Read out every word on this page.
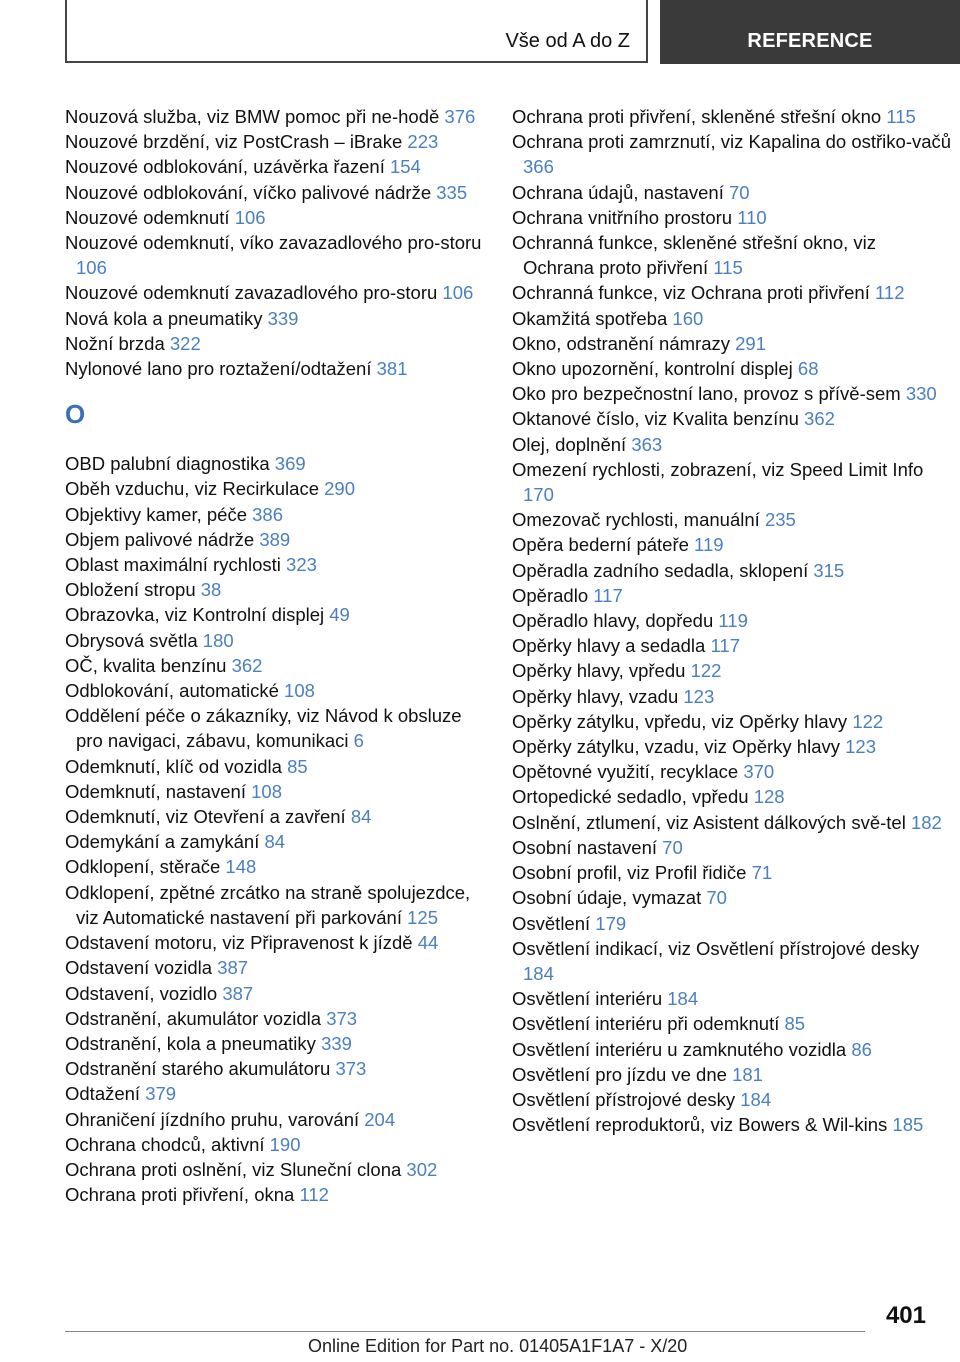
Vše od A do Z	REFERENCE

Nouzová služba, viz BMW pomoc při ne-hodě 376

Nouzové brzdění, viz PostCrash – iBrake 223

Nouzové odblokování, uzávěrka řazení 154

Nouzové odblokování, víčko palivové nádrže 335

Nouzové odemknutí 106

Nouzové odemknutí, víko zavazadlového pro-storu 106

Nouzové odemknutí zavazadlového pro-storu 106

Nová kola a pneumatiky 339

Nožní brzda 322

Nylonové lano pro roztažení/odtažení 381

O

OBD palubní diagnostika 369

Oběh vzduchu, viz Recirkulace 290

Objektivy kamer, péče 386

Objem palivové nádrže 389

Oblast maximální rychlosti 323

Obložení stropu 38

Obrazovka, viz Kontrolní displej 49

Obrysová světla 180

OČ, kvalita benzínu 362

Odblokování, automatické 108

Oddělení péče o zákazníky, viz Návod k obsluze pro navigaci, zábavu, komunikaci 6

Odemknutí, klíč od vozidla 85

Odemknutí, nastavení 108

Odemknutí, viz Otevření a zavření 84

Odemykání a zamykání 84

Odklopení, stěrače 148

Odklopení, zpětné zrcátko na straně spolujezdce, viz Automatické nastavení při parkování 125

Odstavení motoru, viz Připravenost k jízdě 44

Odstavení vozidla 387

Odstavení, vozidlo 387

Odstranění, akumulátor vozidla 373

Odstranění, kola a pneumatiky 339

Odstranění starého akumulátoru 373

Odtažení 379

Ohraničení jízdního pruhu, varování 204

Ochrana chodců, aktivní 190

Ochrana proti oslnění, viz Sluneční clona 302

Ochrana proti přivření, okna 112

Ochrana proti přivření, skleněné střešní okno 115

Ochrana proti zamrznutí, viz Kapalina do ostřiko-vačů 366

Ochrana údajů, nastavení 70

Ochrana vnitřního prostoru 110

Ochranná funkce, skleněné střešní okno, viz Ochrana proto přivření 115

Ochranná funkce, viz Ochrana proti přivření 112

Okamžitá spotřeba 160

Okno, odstranění námrazy 291

Okno upozornění, kontrolní displej 68

Oko pro bezpečnostní lano, provoz s přívě-sem 330

Oktanové číslo, viz Kvalita benzínu 362

Olej, doplnění 363

Omezení rychlosti, zobrazení, viz Speed Limit Info 170

Omezovač rychlosti, manuální 235

Opěra bederní páteře 119

Opěradla zadního sedadla, sklopení 315

Opěradlo 117

Opěradlo hlavy, dopředu 119

Opěrky hlavy a sedadla 117

Opěrky hlavy, vpředu 122

Opěrky hlavy, vzadu 123

Opěrky zátylku, vpředu, viz Opěrky hlavy 122

Opěrky zátylku, vzadu, viz Opěrky hlavy 123

Opětovné využití, recyklace 370

Ortopedické sedadlo, vpředu 128

Oslnění, ztlumení, viz Asistent dálkových svě-tel 182

Osobní nastavení 70

Osobní profil, viz Profil řidiče 71

Osobní údaje, vymazat 70

Osvětlení 179

Osvětlení indikací, viz Osvětlení přístrojové desky 184

Osvětlení interiéru 184

Osvětlení interiéru při odemknutí 85

Osvětlení interiéru u zamknutého vozidla 86

Osvětlení pro jízdu ve dne 181

Osvětlení přístrojové desky 184

Osvětlení reproduktorů, viz Bowers & Wil-kins 185

401
Online Edition for Part no. 01405A1F1A7 - X/20
